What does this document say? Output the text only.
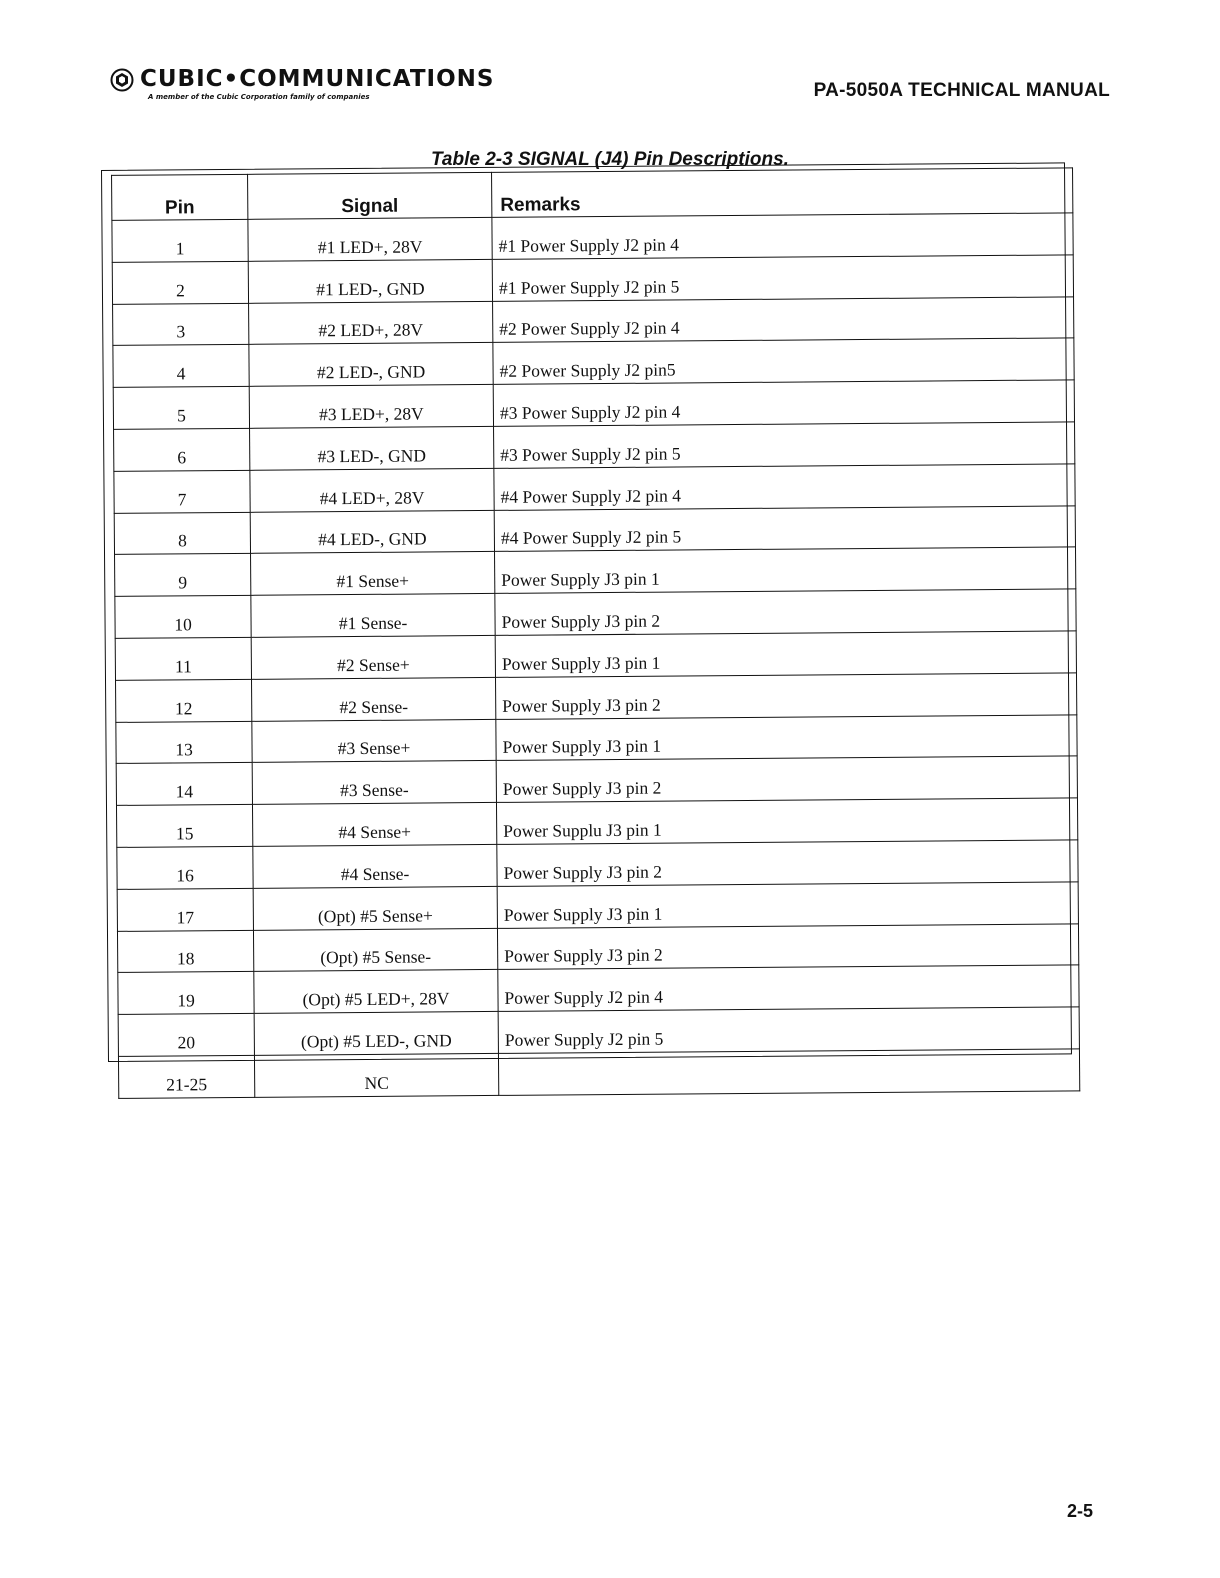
CUBIC•COMMUNICATIONS
A member of the Cubic Corporation family of companies	PA-5050A TECHNICAL MANUAL
Table 2-3 SIGNAL (J4) Pin Descriptions.
Pin	Signal	Remarks
1	#1 LED+, 28V	#1 Power Supply J2 pin 4
2	#1 LED-, GND	#1 Power Supply J2 pin 5
3	#2 LED+, 28V	#2 Power Supply J2 pin 4
4	#2 LED-, GND	#2 Power Supply J2 pin5
5	#3 LED+, 28V	#3 Power Supply J2 pin 4
6	#3 LED-, GND	#3 Power Supply J2 pin 5
7	#4 LED+, 28V	#4 Power Supply J2 pin 4
8	#4 LED-, GND	#4 Power Supply J2 pin 5
9	#1 Sense+	Power Supply J3 pin 1
10	#1 Sense-	Power Supply J3 pin 2
11	#2 Sense+	Power Supply J3 pin 1
12	#2 Sense-	Power Supply J3 pin 2
13	#3 Sense+	Power Supply J3 pin 1
14	#3 Sense-	Power Supply J3 pin 2
15	#4 Sense+	Power Supplu J3 pin 1
16	#4 Sense-	Power Supply J3 pin 2
17	(Opt) #5 Sense+	Power Supply J3 pin 1
18	(Opt) #5 Sense-	Power Supply J3 pin 2
19	(Opt) #5 LED+, 28V	Power Supply J2 pin 4
20	(Opt) #5 LED-, GND	Power Supply J2 pin 5
21-25	NC	
2-5
